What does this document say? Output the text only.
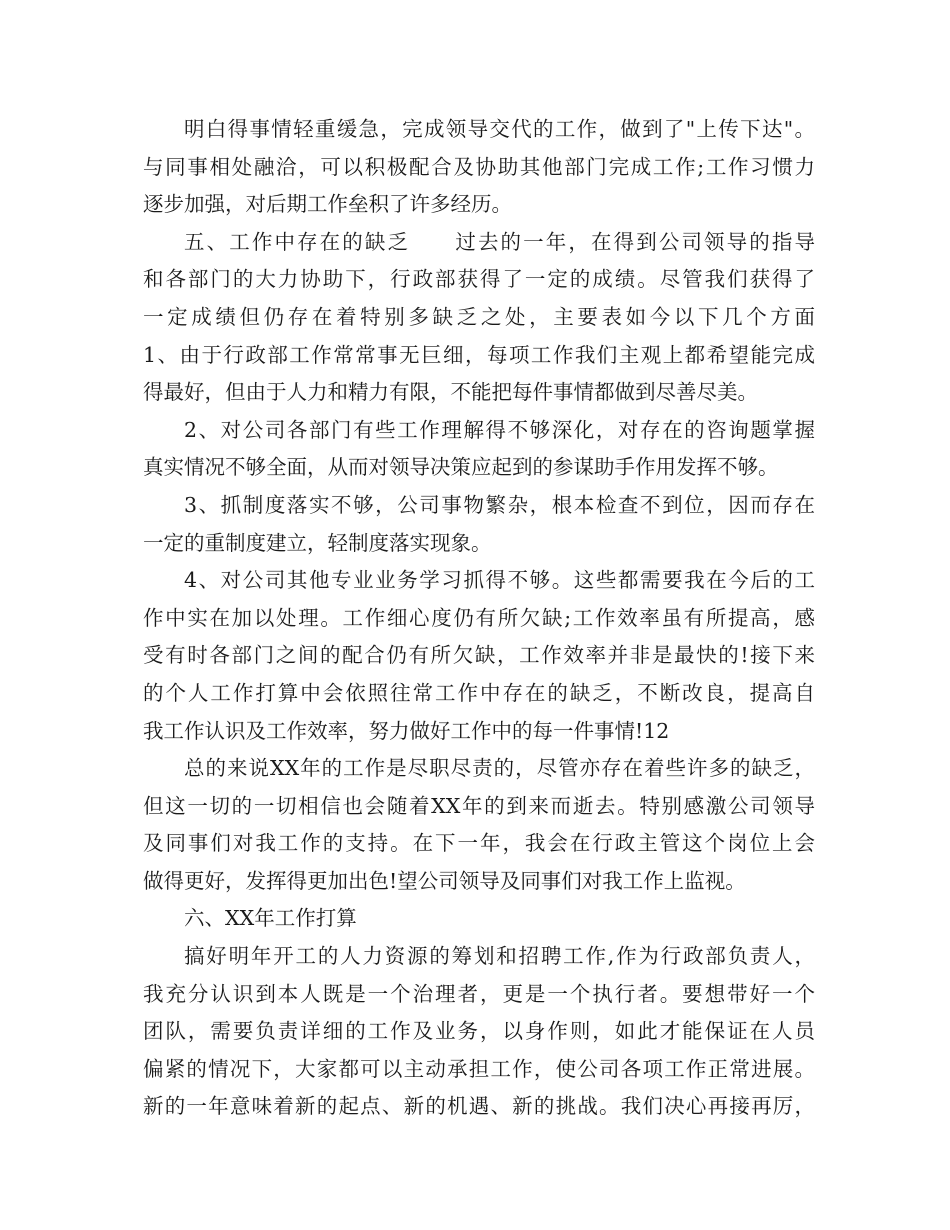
明白得事情轻重缓急，完成领导交代的工作，做到了"上传下达"。
与同事相处融洽，可以积极配合及协助其他部门完成工作;工作习惯力
逐步加强，对后期工作垒积了许多经历。
五、工作中存在的缺乏　　过去的一年，在得到公司领导的指导
和各部门的大力协助下，行政部获得了一定的成绩。尽管我们获得了
一定成绩但仍存在着特别多缺乏之处，主要表如今以下几个方面
1、由于行政部工作常常事无巨细，每项工作我们主观上都希望能完成
得最好，但由于人力和精力有限，不能把每件事情都做到尽善尽美。
2、对公司各部门有些工作理解得不够深化，对存在的咨询题掌握
真实情况不够全面，从而对领导决策应起到的参谋助手作用发挥不够。
3、抓制度落实不够，公司事物繁杂，根本检查不到位，因而存在
一定的重制度建立，轻制度落实现象。
4、对公司其他专业业务学习抓得不够。这些都需要我在今后的工
作中实在加以处理。工作细心度仍有所欠缺;工作效率虽有所提高，感
受有时各部门之间的配合仍有所欠缺，工作效率并非是最快的!接下来
的个人工作打算中会依照往常工作中存在的缺乏，不断改良，提高自
我工作认识及工作效率，努力做好工作中的每一件事情!12
总的来说XX年的工作是尽职尽责的，尽管亦存在着些许多的缺乏，
但这一切的一切相信也会随着XX年的到来而逝去。特别感激公司领导
及同事们对我工作的支持。在下一年，我会在行政主管这个岗位上会
做得更好，发挥得更加出色!望公司领导及同事们对我工作上监视。
六、XX年工作打算
搞好明年开工的人力资源的筹划和招聘工作,作为行政部负责人，
我充分认识到本人既是一个治理者，更是一个执行者。要想带好一个
团队，需要负责详细的工作及业务，以身作则，如此才能保证在人员
偏紧的情况下，大家都可以主动承担工作，使公司各项工作正常进展。
新的一年意味着新的起点、新的机遇、新的挑战。我们决心再接再厉，
